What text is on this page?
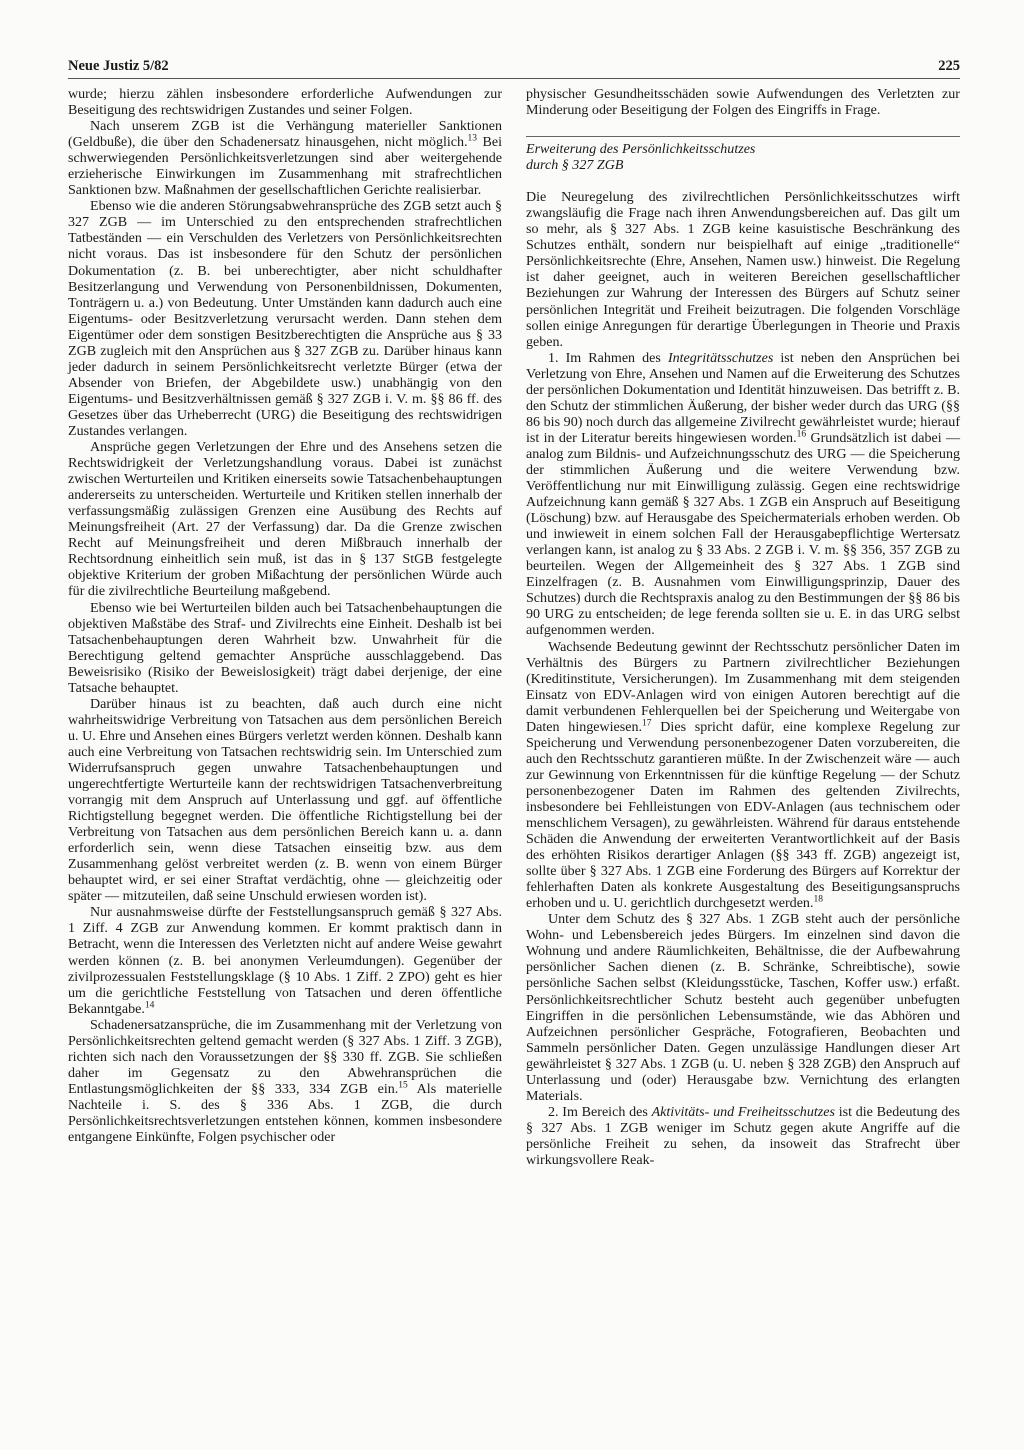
Neue Justiz 5/82	225

wurde; hierzu zählen insbesondere erforderliche Aufwendungen zur Beseitigung des rechtswidrigen Zustandes und seiner Folgen.

Nach unserem ZGB ist die Verhängung materieller Sanktionen (Geldbuße), die über den Schadenersatz hinausgehen, nicht möglich.$^{13}$ Bei schwerwiegenden Persönlichkeitsverletzungen sind aber weitergehende erzieherische Einwirkungen im Zusammenhang mit strafrechtlichen Sanktionen bzw. Maßnahmen der gesellschaftlichen Gerichte realisierbar.

Ebenso wie die anderen Störungsabwehransprüche des ZGB setzt auch § 327 ZGB — im Unterschied zu den entsprechenden strafrechtlichen Tatbeständen — ein Verschulden des Verletzers von Persönlichkeitsrechten nicht voraus. Das ist insbesondere für den Schutz der persönlichen Dokumentation (z. B. bei unberechtigter, aber nicht schuldhafter Besitzerlangung und Verwendung von Personenbildnissen, Dokumenten, Tonträgern u. a.) von Bedeutung. Unter Umständen kann dadurch auch eine Eigentums- oder Besitzverletzung verursacht werden. Dann stehen dem Eigentümer oder dem sonstigen Besitzberechtigten die Ansprüche aus § 33 ZGB zugleich mit den Ansprüchen aus § 327 ZGB zu. Darüber hinaus kann jeder dadurch in seinem Persönlichkeitsrecht verletzte Bürger (etwa der Absender von Briefen, der Abgebildete usw.) unabhängig von den Eigentums- und Besitzverhältnissen gemäß § 327 ZGB i. V. m. §§ 86 ff. des Gesetzes über das Urheberrecht (URG) die Beseitigung des rechtswidrigen Zustandes verlangen.

Ansprüche gegen Verletzungen der Ehre und des Ansehens setzen die Rechtswidrigkeit der Verletzungshandlung voraus. Dabei ist zunächst zwischen Werturteilen und Kritiken einerseits sowie Tatsachenbehauptungen andererseits zu unterscheiden. Werturteile und Kritiken stellen innerhalb der verfassungsmäßig zulässigen Grenzen eine Ausübung des Rechts auf Meinungsfreiheit (Art. 27 der Verfassung) dar. Da die Grenze zwischen Recht auf Meinungsfreiheit und deren Mißbrauch innerhalb der Rechtsordnung einheitlich sein muß, ist das in § 137 StGB festgelegte objektive Kriterium der groben Mißachtung der persönlichen Würde auch für die zivilrechtliche Beurteilung maßgebend.

Ebenso wie bei Werturteilen bilden auch bei Tatsachenbehauptungen die objektiven Maßstäbe des Straf- und Zivilrechts eine Einheit. Deshalb ist bei Tatsachenbehauptungen deren Wahrheit bzw. Unwahrheit für die Berechtigung geltend gemachter Ansprüche ausschlaggebend. Das Beweisrisiko (Risiko der Beweislosigkeit) trägt dabei derjenige, der eine Tatsache behauptet.

Darüber hinaus ist zu beachten, daß auch durch eine nicht wahrheitswidrige Verbreitung von Tatsachen aus dem persönlichen Bereich u. U. Ehre und Ansehen eines Bürgers verletzt werden können. Deshalb kann auch eine Verbreitung von Tatsachen rechtswidrig sein. Im Unterschied zum Widerrufsanspruch gegen unwahre Tatsachenbehauptungen und ungerechtfertigte Werturteile kann der rechtswidrigen Tatsachenverbreitung vorrangig mit dem Anspruch auf Unterlassung und ggf. auf öffentliche Richtigstellung begegnet werden. Die öffentliche Richtigstellung bei der Verbreitung von Tatsachen aus dem persönlichen Bereich kann u. a. dann erforderlich sein, wenn diese Tatsachen einseitig bzw. aus dem Zusammenhang gelöst verbreitet werden (z. B. wenn von einem Bürger behauptet wird, er sei einer Straftat verdächtig, ohne — gleichzeitig oder später — mitzuteilen, daß seine Unschuld erwiesen worden ist).

Nur ausnahmsweise dürfte der Feststellungsanspruch gemäß § 327 Abs. 1 Ziff. 4 ZGB zur Anwendung kommen. Er kommt praktisch dann in Betracht, wenn die Interessen des Verletzten nicht auf andere Weise gewahrt werden können (z. B. bei anonymen Verleumdungen). Gegenüber der zivilprozessualen Feststellungsklage (§ 10 Abs. 1 Ziff. 2 ZPO) geht es hier um die gerichtliche Feststellung von Tatsachen und deren öffentliche Bekanntgabe.$^{14}$

Schadenersatzansprüche, die im Zusammenhang mit der Verletzung von Persönlichkeitsrechten geltend gemacht werden (§ 327 Abs. 1 Ziff. 3 ZGB), richten sich nach den Voraussetzungen der §§ 330 ff. ZGB. Sie schließen daher im Gegensatz zu den Abwehransprüchen die Entlastungsmöglichkeiten der §§ 333, 334 ZGB ein.$^{15}$ Als materielle Nachteile i. S. des § 336 Abs. 1 ZGB, die durch Persönlichkeitsrechtsverletzungen entstehen können, kommen insbesondere entgangene Einkünfte, Folgen psychischer oder

physischer Gesundheitsschäden sowie Aufwendungen des Verletzten zur Minderung oder Beseitigung der Folgen des Eingriffs in Frage.

Erweiterung des Persönlichkeitsschutzes
durch § 327 ZGB

Die Neuregelung des zivilrechtlichen Persönlichkeitsschutzes wirft zwangsläufig die Frage nach ihren Anwendungsbereichen auf. Das gilt um so mehr, als § 327 Abs. 1 ZGB keine kasuistische Beschränkung des Schutzes enthält, sondern nur beispielhaft auf einige „traditionelle“ Persönlichkeitsrechte (Ehre, Ansehen, Namen usw.) hinweist. Die Regelung ist daher geeignet, auch in weiteren Bereichen gesellschaftlicher Beziehungen zur Wahrung der Interessen des Bürgers auf Schutz seiner persönlichen Integrität und Freiheit beizutragen. Die folgenden Vorschläge sollen einige Anregungen für derartige Überlegungen in Theorie und Praxis geben.

1. Im Rahmen des Integritätsschutzes ist neben den Ansprüchen bei Verletzung von Ehre, Ansehen und Namen auf die Erweiterung des Schutzes der persönlichen Dokumentation und Identität hinzuweisen. Das betrifft z. B. den Schutz der stimmlichen Äußerung, der bisher weder durch das URG (§§ 86 bis 90) noch durch das allgemeine Zivilrecht gewährleistet wurde; hierauf ist in der Literatur bereits hingewiesen worden.$^{16}$ Grundsätzlich ist dabei — analog zum Bildnis- und Aufzeichnungsschutz des URG — die Speicherung der stimmlichen Äußerung und die weitere Verwendung bzw. Veröffentlichung nur mit Einwilligung zulässig. Gegen eine rechtswidrige Aufzeichnung kann gemäß § 327 Abs. 1 ZGB ein Anspruch auf Beseitigung (Löschung) bzw. auf Herausgabe des Speichermaterials erhoben werden. Ob und inwieweit in einem solchen Fall der Herausgabepflichtige Wertersatz verlangen kann, ist analog zu § 33 Abs. 2 ZGB i. V. m. §§ 356, 357 ZGB zu beurteilen. Wegen der Allgemeinheit des § 327 Abs. 1 ZGB sind Einzelfragen (z. B. Ausnahmen vom Einwilligungsprinzip, Dauer des Schutzes) durch die Rechtspraxis analog zu den Bestimmungen der §§ 86 bis 90 URG zu entscheiden; de lege ferenda sollten sie u. E. in das URG selbst aufgenommen werden.

Wachsende Bedeutung gewinnt der Rechtsschutz persönlicher Daten im Verhältnis des Bürgers zu Partnern zivilrechtlicher Beziehungen (Kreditinstitute, Versicherungen). Im Zusammenhang mit dem steigenden Einsatz von EDV-Anlagen wird von einigen Autoren berechtigt auf die damit verbundenen Fehlerquellen bei der Speicherung und Weitergabe von Daten hingewiesen.$^{17}$ Dies spricht dafür, eine komplexe Regelung zur Speicherung und Verwendung personenbezogener Daten vorzubereiten, die auch den Rechtsschutz garantieren müßte. In der Zwischenzeit wäre — auch zur Gewinnung von Erkenntnissen für die künftige Regelung — der Schutz personenbezogener Daten im Rahmen des geltenden Zivilrechts, insbesondere bei Fehlleistungen von EDV-Anlagen (aus technischem oder menschlichem Versagen), zu gewährleisten. Während für daraus entstehende Schäden die Anwendung der erweiterten Verantwortlichkeit auf der Basis des erhöhten Risikos derartiger Anlagen (§§ 343 ff. ZGB) angezeigt ist, sollte über § 327 Abs. 1 ZGB eine Forderung des Bürgers auf Korrektur der fehlerhaften Daten als konkrete Ausgestaltung des Beseitigungsanspruchs erhoben und u. U. gerichtlich durchgesetzt werden.$^{18}$

Unter dem Schutz des § 327 Abs. 1 ZGB steht auch der persönliche Wohn- und Lebensbereich jedes Bürgers. Im einzelnen sind davon die Wohnung und andere Räumlichkeiten, Behältnisse, die der Aufbewahrung persönlicher Sachen dienen (z. B. Schränke, Schreibtische), sowie persönliche Sachen selbst (Kleidungsstücke, Taschen, Koffer usw.) erfaßt. Persönlichkeitsrechtlicher Schutz besteht auch gegenüber unbefugten Eingriffen in die persönlichen Lebensumstände, wie das Abhören und Aufzeichnen persönlicher Gespräche, Fotografieren, Beobachten und Sammeln persönlicher Daten. Gegen unzulässige Handlungen dieser Art gewährleistet § 327 Abs. 1 ZGB (u. U. neben § 328 ZGB) den Anspruch auf Unterlassung und (oder) Herausgabe bzw. Vernichtung des erlangten Materials.

2. Im Bereich des Aktivitäts- und Freiheitsschutzes ist die Bedeutung des § 327 Abs. 1 ZGB weniger im Schutz gegen akute Angriffe auf die persönliche Freiheit zu sehen, da insoweit das Strafrecht über wirkungsvollere Reak-
